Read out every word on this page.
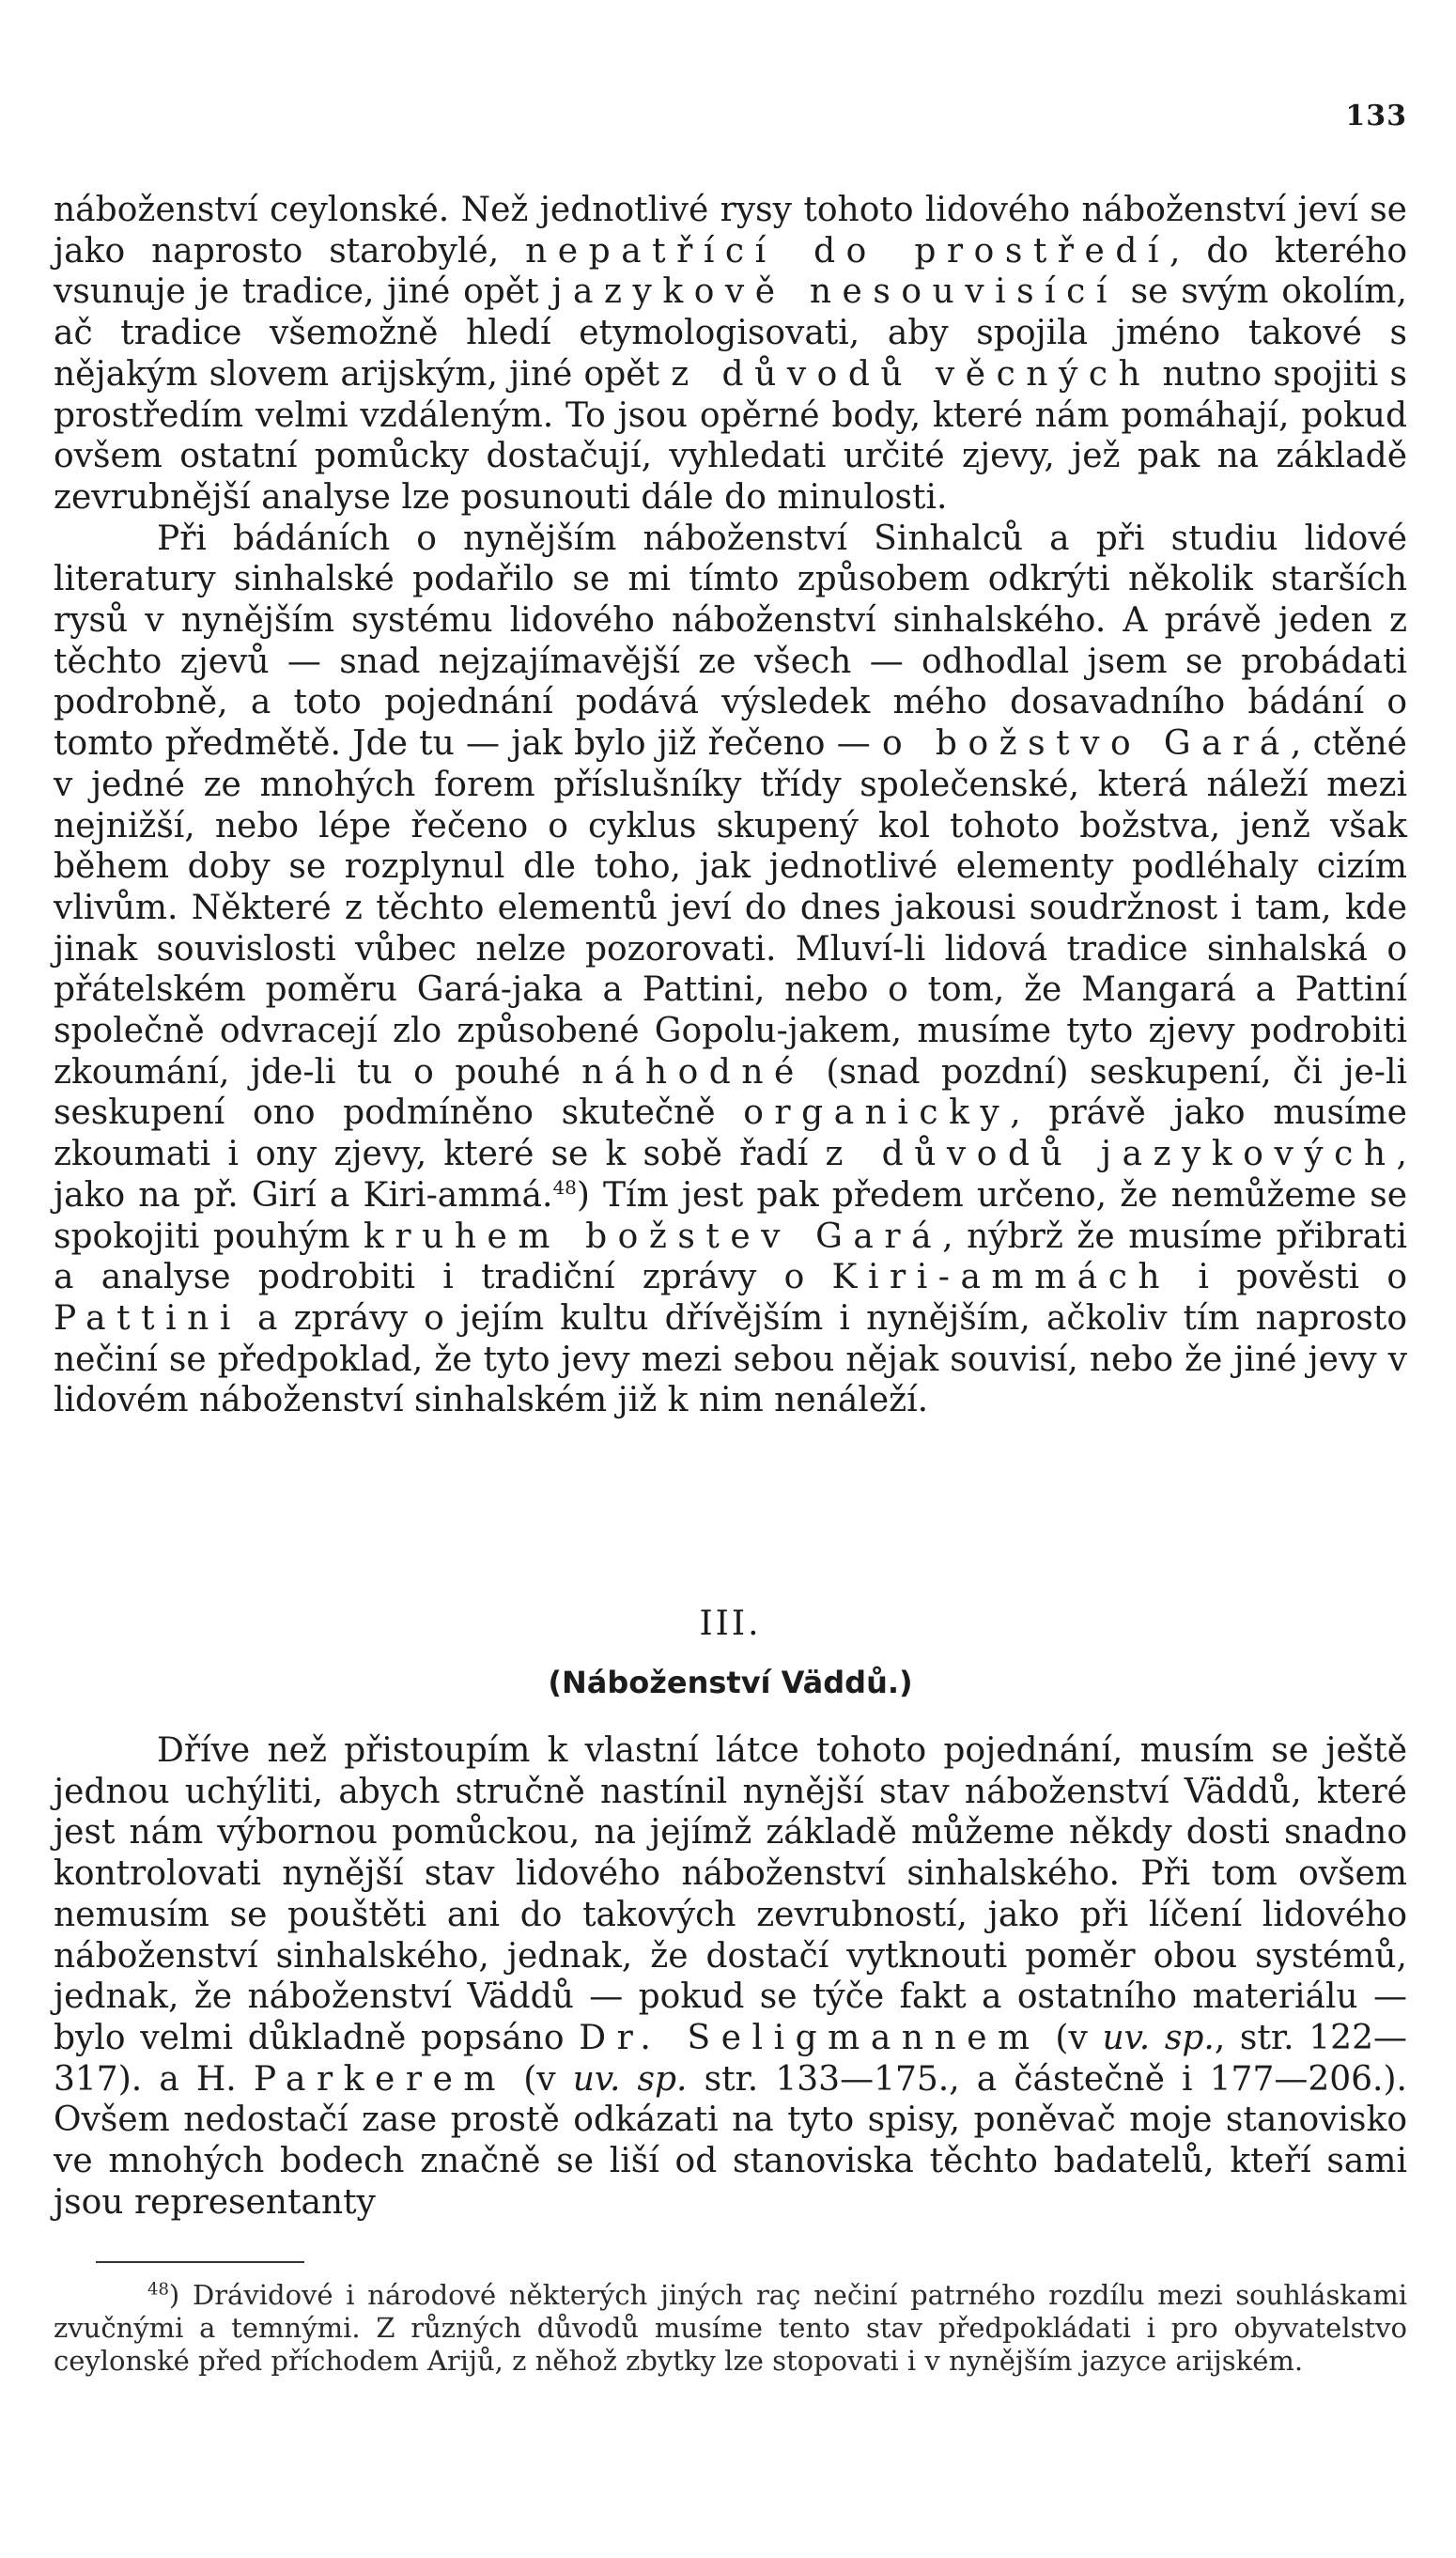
133

náboženství ceylonské. Než jednotlivé rysy tohoto lidového náboženství jeví se jako naprosto starobylé, nepatřící do prostředí, do kterého vsunuje je tradice, jiné opět jazykově nesouvisící se svým okolím, ač tradice všemožně hledí etymologisovati, aby spojila jméno takové s nějakým slovem arijským, jiné opět z důvodů věcných nutno spojiti s prostředím velmi vzdáleným. To jsou opěrné body, které nám pomáhají, pokud ovšem ostatní pomůcky dostačují, vyhledati určité zjevy, jež pak na základě zevrubnější analyse lze posunouti dále do minulosti.

Při bádáních o nynějším náboženství Sinhalců a při studiu lidové literatury sinhalské podařilo se mi tímto způsobem odkrýti několik starších rysů v nynějším systému lidového náboženství sinhalského. A právě jeden z těchto zjevů — snad nejzajímavější ze všech — odhodlal jsem se probádati podrobně, a toto pojednání podává výsledek mého dosavadního bádání o tomto předmětě. Jde tu — jak bylo již řečeno — o božstvo Gará, ctěné v jedné ze mnohých forem příslušníky třídy společenské, která náleží mezi nejnižší, nebo lépe řečeno o cyklus skupený kol tohoto božstva, jenž však během doby se rozplynul dle toho, jak jednotlivé elementy podléhaly cizím vlivům. Některé z těchto elementů jeví do dnes jakousi soudržnost i tam, kde jinak souvislosti vůbec nelze pozorovati. Mluví-li lidová tradice sinhalská o přátelském poměru Gará-jaka a Pattini, nebo o tom, že Mangará a Pattiní společně odvracejí zlo způsobené Gopolu-jakem, musíme tyto zjevy podrobiti zkoumání, jde-li tu o pouhé náhodné (snad pozdní) seskupení, či je-li seskupení ono podmíněno skutečně organicky, právě jako musíme zkoumati i ony zjevy, které se k sobě řadí z důvodů jazykových, jako na př. Girí a Kiri-ammá.$^{48}$) Tím jest pak předem určeno, že nemůžeme se spokojiti pouhým kruhem božstev Gará, nýbrž že musíme přibrati a analyse podrobiti i tradiční zprávy o Kiri-ammách i pověsti o Pattini a zprávy o jejím kultu dřívějším i nynějším, ačkoliv tím naprosto nečiní se předpoklad, že tyto jevy mezi sebou nějak souvisí, nebo že jiné jevy v lidovém náboženství sinhalském již k nim nenáleží.

III.
(Náboženství Väddů.)

Dříve než přistoupím k vlastní látce tohoto pojednání, musím se ještě jednou uchýliti, abych stručně nastínil nynější stav náboženství Väddů, které jest nám výbornou pomůckou, na jejímž základě můžeme někdy dosti snadno kontrolovati nynější stav lidového náboženství sinhalského. Při tom ovšem nemusím se pouštěti ani do takových zevrubností, jako při líčení lidového náboženství sinhalského, jednak, že dostačí vytknouti poměr obou systémů, jednak, že náboženství Väddů — pokud se týče fakt a ostatního materiálu — bylo velmi důkladně popsáno Dr. Seligmannem (v uv. sp., str. 122—317). a H. Parkerem (v uv. sp. str. 133—175., a částečně i 177—206.). Ovšem nedostačí zase prostě odkázati na tyto spisy, poněvač moje stanovisko ve mnohých bodech značně se liší od stanoviska těchto badatelů, kteří sami jsou representanty

$^{48}$) Drávidové i národové některých jiných raç nečiní patrného rozdílu mezi souhláskami zvučnými a temnými. Z různých důvodů musíme tento stav předpokládati i pro obyvatelstvo ceylonské před příchodem Arijů, z něhož zbytky lze stopovati i v nynějším jazyce arijském.
